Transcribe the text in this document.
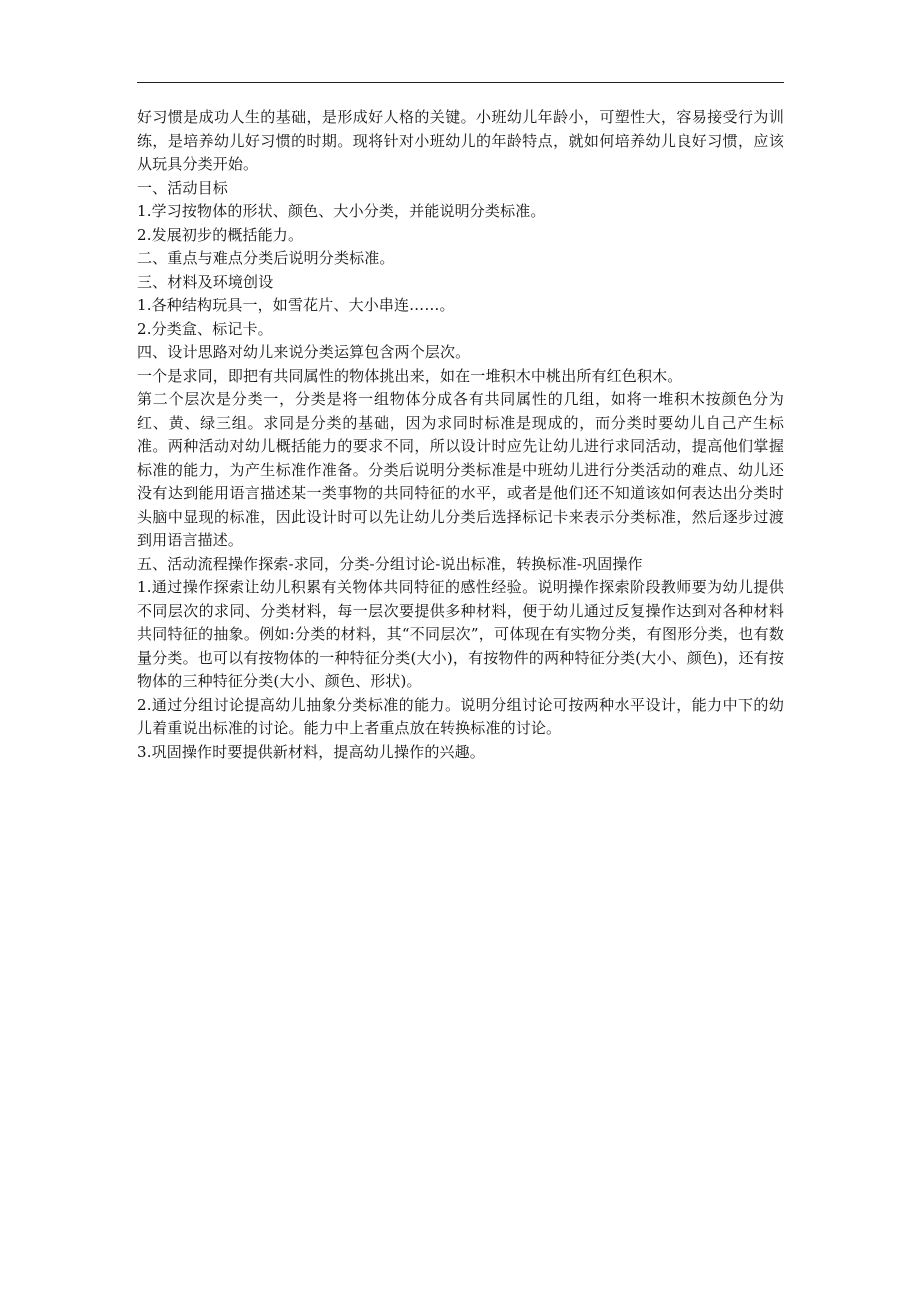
好习惯是成功人生的基础，是形成好人格的关键。小班幼儿年龄小，可塑性大，容易接受行为训练，是培养幼儿好习惯的时期。现将针对小班幼儿的年龄特点，就如何培养幼儿良好习惯，应该从玩具分类开始。

一、活动目标

1.学习按物体的形状、颜色、大小分类，并能说明分类标准。

2.发展初步的概括能力。

二、重点与难点分类后说明分类标准。

三、材料及环境创设

1.各种结构玩具一，如雪花片、大小串连……。

2.分类盒、标记卡。

四、设计思路对幼儿来说分类运算包含两个层次。

一个是求同，即把有共同属性的物体挑出来，如在一堆积木中桃出所有红色积木。

第二个层次是分类一，分类是将一组物体分成各有共同属性的几组，如将一堆积木按颜色分为红、黄、绿三组。求同是分类的基础，因为求同时标准是现成的，而分类时要幼儿自己产生标准。两种活动对幼儿概括能力的要求不同，所以设计时应先让幼儿进行求同活动，提高他们掌握标准的能力，为产生标准作准备。分类后说明分类标准是中班幼儿进行分类活动的难点、幼儿还没有达到能用语言描述某一类事物的共同特征的水平，或者是他们还不知道该如何表达出分类时头脑中显现的标准，因此设计时可以先让幼儿分类后选择标记卡来表示分类标准，然后逐步过渡到用语言描述。

五、活动流程操作探索-求同，分类-分组讨论-说出标准，转换标准-巩固操作

1.通过操作探索让幼儿积累有关物体共同特征的感性经验。说明操作探索阶段教师要为幼儿提供不同层次的求同、分类材料，每一层次要提供多种材料，便于幼儿通过反复操作达到对各种材料共同特征的抽象。例如:分类的材料，其“不同层次”，可体现在有实物分类，有图形分类，也有数量分类。也可以有按物体的一种特征分类(大小)，有按物件的两种特征分类(大小、颜色)，还有按物体的三种特征分类(大小、颜色、形状)。

2.通过分组讨论提高幼儿抽象分类标准的能力。说明分组讨论可按两种水平设计，能力中下的幼儿着重说出标准的讨论。能力中上者重点放在转换标准的讨论。

3.巩固操作时要提供新材料，提高幼儿操作的兴趣。
